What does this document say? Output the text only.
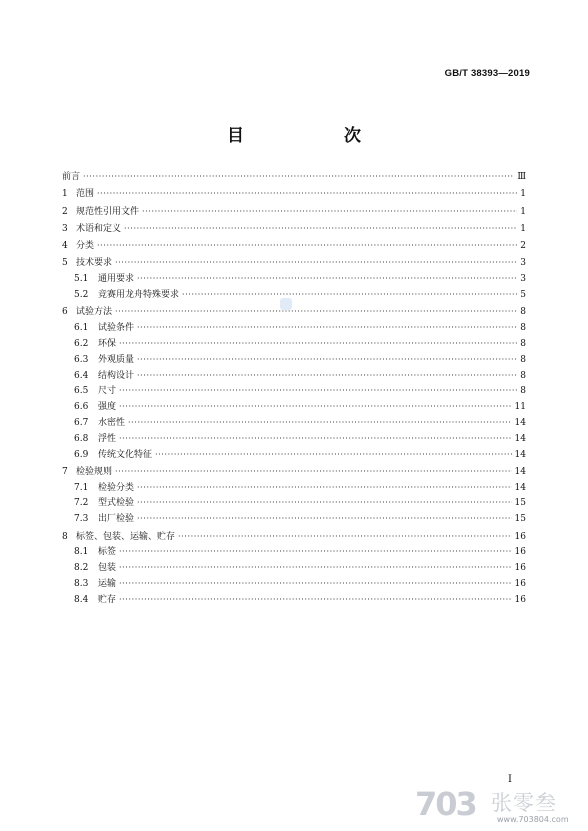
GB/T 38393—2019
目　　次
前言 ·····	Ⅲ
1 范围 ·····	1
2 规范性引用文件 ·····	1
3 术语和定义 ·····	1
4 分类 ·····	2
5 技术要求 ·····	3
5.1	通用要求 ·····	3
5.2	竞赛用龙舟特殊要求 ·····	5
6 试验方法 ·····	8
6.1	试验条件 ·····	8
6.2	环保 ·····	8
6.3	外观质量 ·····	8
6.4	结构设计 ·····	8
6.5	尺寸 ·····	8
6.6	强度 ·····	11
6.7	水密性 ·····	14
6.8	浮性 ·····	14
6.9	传统文化特征 ·····	14
7 检验规则 ·····	14
7.1	检验分类 ·····	14
7.2	型式检验 ·····	15
7.3	出厂检验 ·····	15
8 标签、包装、运输、贮存 ·····	16
8.1	标签 ·····	16
8.2	包装 ·····	16
8.3	运输 ·····	16
8.4	贮存 ·····	16
Ⅰ
703 张零叁
www.703804.com
